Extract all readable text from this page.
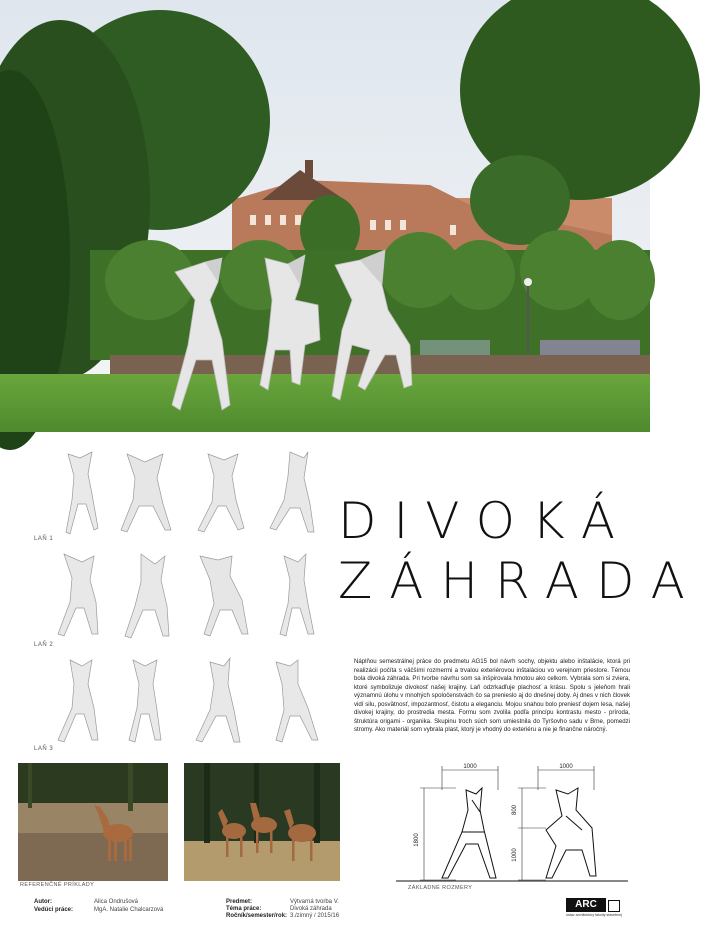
LAŇ 1
LAŇ 2
LAŇ 3
DIVOKÁ
ZÁHRADA
Náplňou semestrálnej práce do predmetu AG15 bol návrh sochy, objektu alebo inštalácie, ktorá pri realizácii počíta s väčšími rozmermi a trvalou exteriérovou inštaláciou vo verejnom priestore. Témou bola divoká záhrada. Pri tvorbe návrhu som sa inšpirovala hmotou ako celkom. Vybrala som si zviera, ktoré symbolizuje divokosť našej krajiny. Laň odzrkadľuje plachosť a krásu. Spolu s jeleňom hrali významnú úlohu v mnohých spoločenstvách čo sa prenieslo aj do dnešnej doby. Aj dnes v nich človek vidí silu, posvätnosť, impozantnosť, čistotu a eleganciu. Mojou snahou bolo preniesť dojem lesa, našej divokej krajiny, do prostredia mesta. Formu som zvolila podľa princípu kontrastu mesto - príroda, štruktúra origami - organika. Skupinu troch súch som umiestnila do Tyršovho sadu v Brne, pomedzi stromy. Ako materiál som vybrala plast, ktorý je vhodný do exteriéru a nie je finančne náročný.
REFERENČNÉ PRÍKLADY
1000	1000
1800
800
1000
ZÁKLADNÉ ROZMERY
Autor:	Alica Ondrušová
Vedúci práce:	MgA. Natalie Chalcarzová
Predmet:	Výtvarná tvorba V.
Téma práce:	Divoká záhrada
Ročník/semester/rok: 3./zimný / 2015/16
ARC
ústav architektúry fakulty stavebnej
